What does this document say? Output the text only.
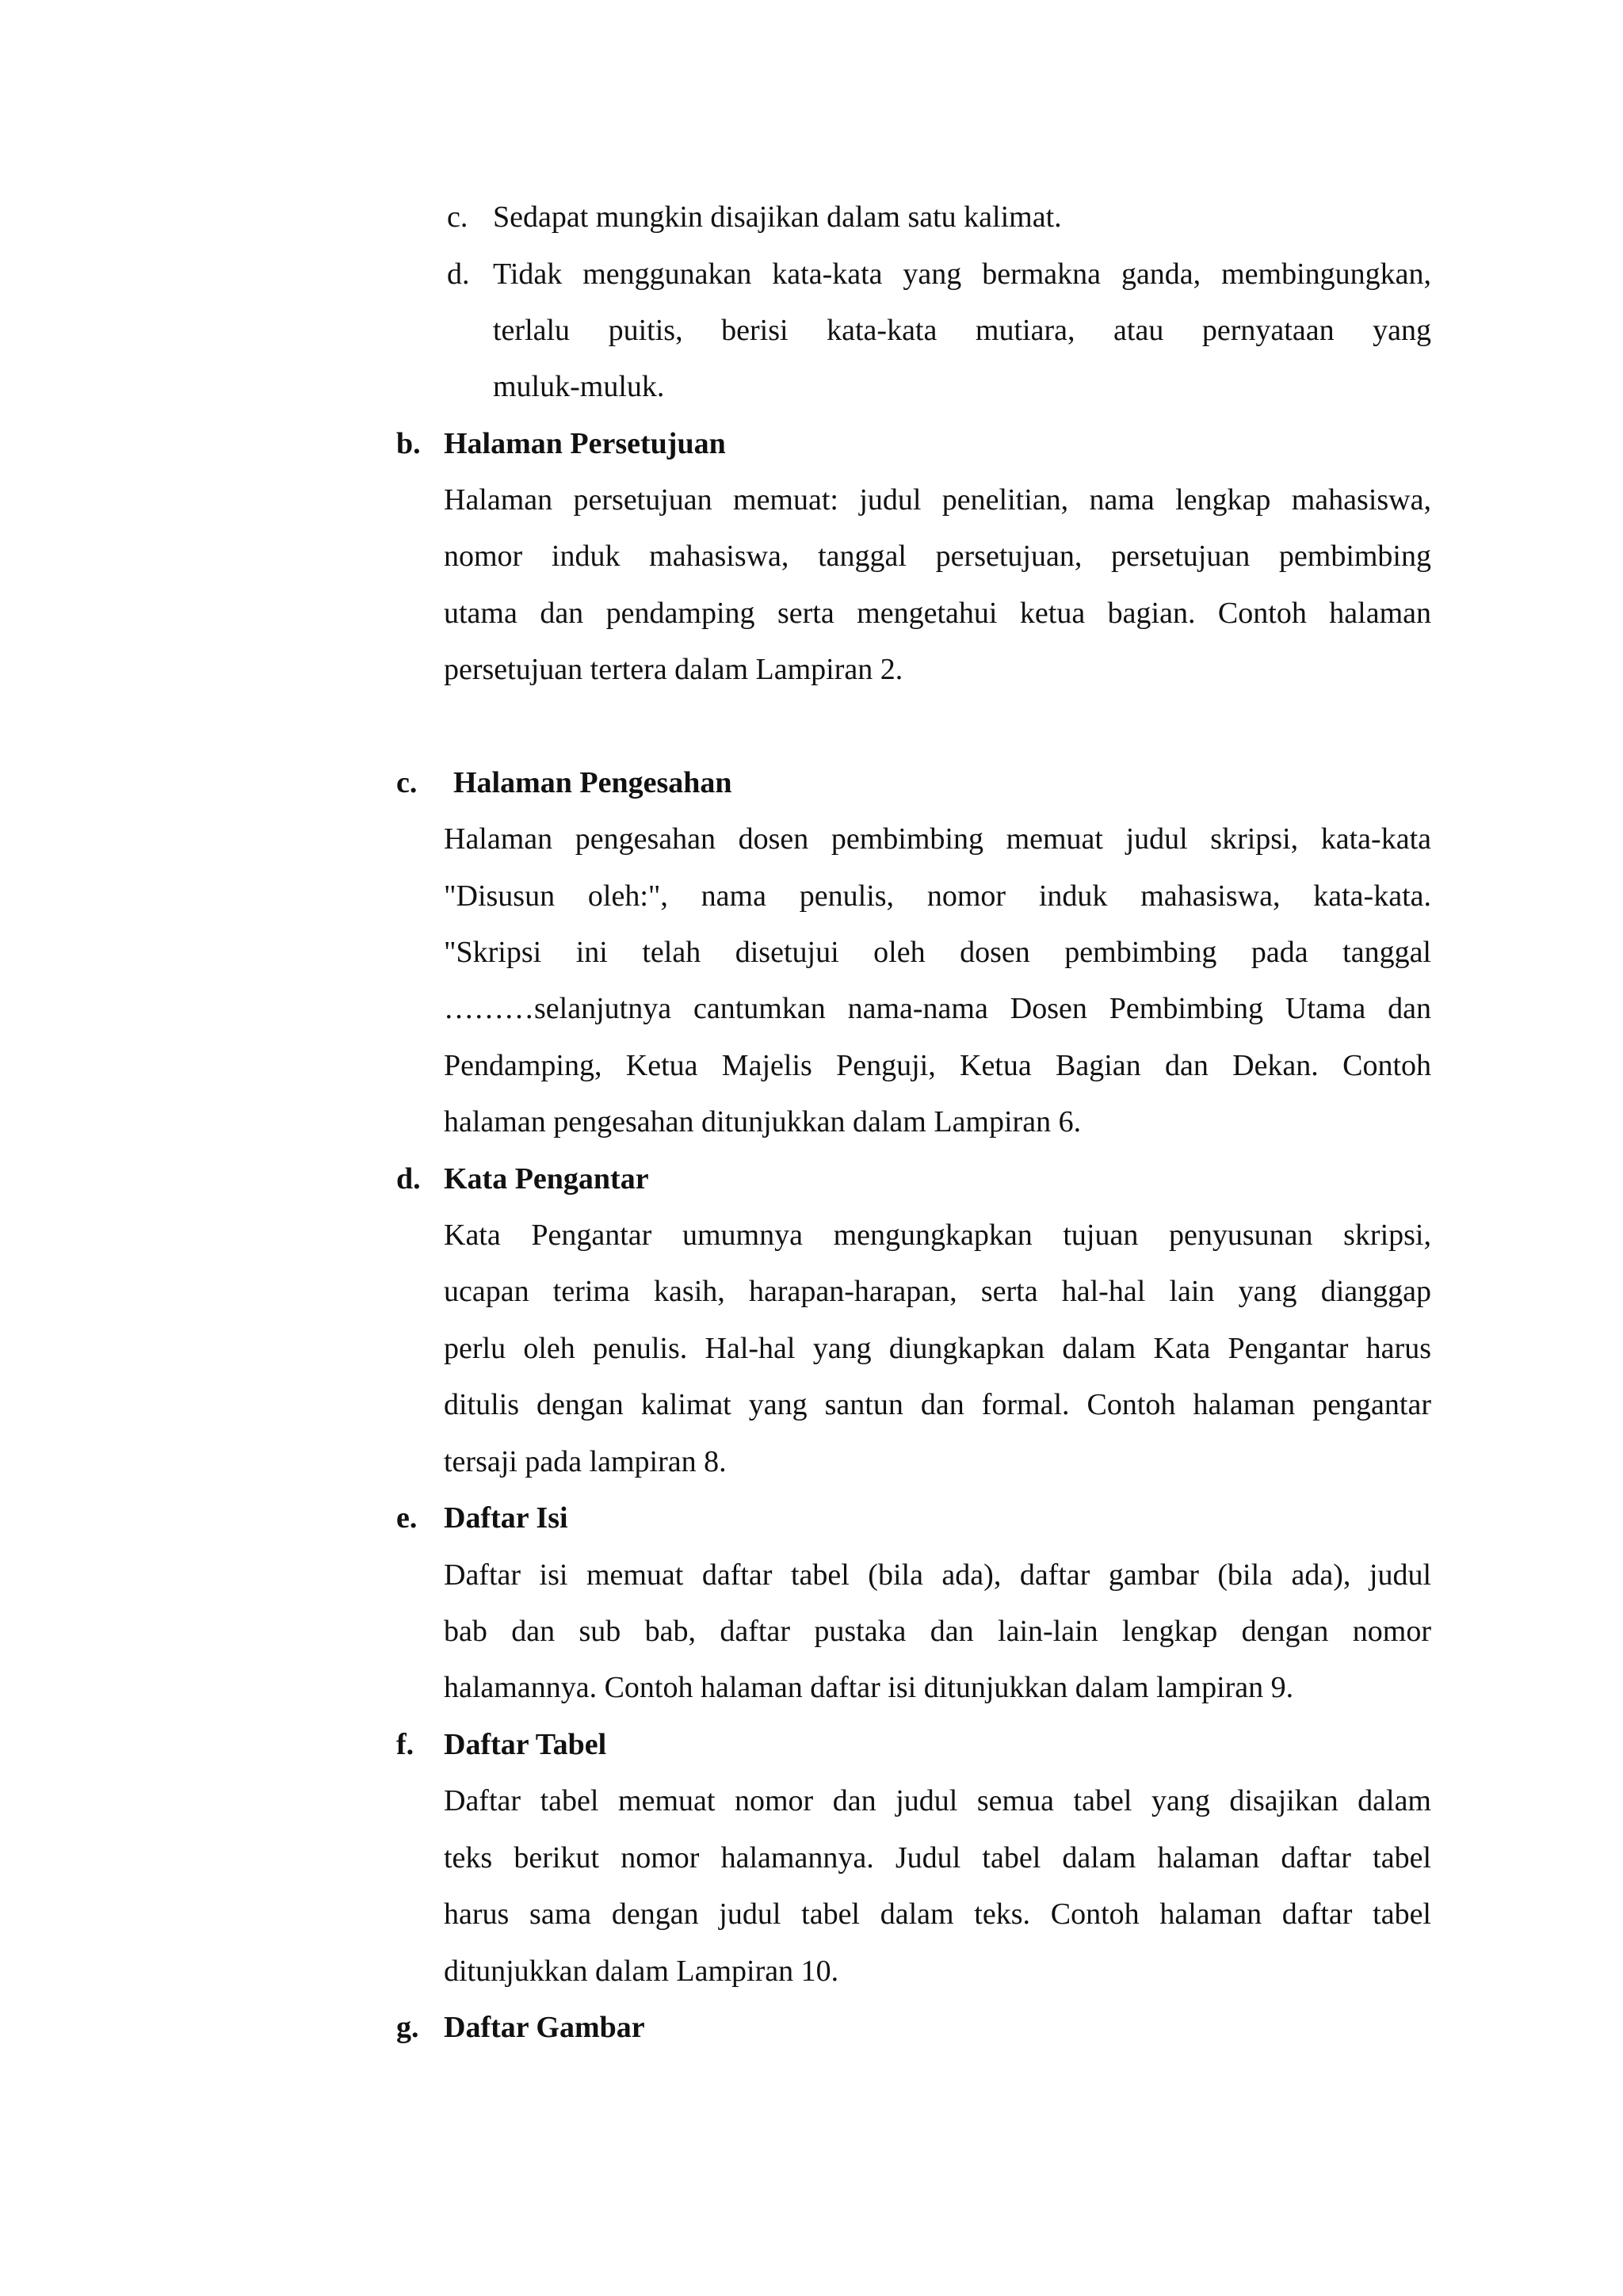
c. Sedapat mungkin disajikan dalam satu kalimat.
d. Tidak menggunakan kata-kata yang bermakna ganda, membingungkan,
terlalu puitis, berisi kata-kata mutiara, atau pernyataan yang
muluk-muluk.
b. Halaman Persetujuan
Halaman persetujuan memuat: judul penelitian, nama lengkap mahasiswa,
nomor induk mahasiswa, tanggal persetujuan, persetujuan pembimbing
utama dan pendamping serta mengetahui ketua bagian. Contoh halaman
persetujuan tertera dalam Lampiran 2.
c. Halaman Pengesahan
Halaman pengesahan dosen pembimbing memuat judul skripsi, kata-kata
"Disusun oleh:", nama penulis, nomor induk mahasiswa, kata-kata.
"Skripsi ini telah disetujui oleh dosen pembimbing pada tanggal
………selanjutnya cantumkan nama-nama Dosen Pembimbing Utama dan
Pendamping, Ketua Majelis Penguji, Ketua Bagian dan Dekan. Contoh
halaman pengesahan ditunjukkan dalam Lampiran 6.
d. Kata Pengantar
Kata Pengantar umumnya mengungkapkan tujuan penyusunan skripsi,
ucapan terima kasih, harapan-harapan, serta hal-hal lain yang dianggap
perlu oleh penulis. Hal-hal yang diungkapkan dalam Kata Pengantar harus
ditulis dengan kalimat yang santun dan formal. Contoh halaman pengantar
tersaji pada lampiran 8.
e. Daftar Isi
Daftar isi memuat daftar tabel (bila ada), daftar gambar (bila ada), judul
bab dan sub bab, daftar pustaka dan lain-lain lengkap dengan nomor
halamannya. Contoh halaman daftar isi ditunjukkan dalam lampiran 9.
f. Daftar Tabel
Daftar tabel memuat nomor dan judul semua tabel yang disajikan dalam
teks berikut nomor halamannya. Judul tabel dalam halaman daftar tabel
harus sama dengan judul tabel dalam teks. Contoh halaman daftar tabel
ditunjukkan dalam Lampiran 10.
g. Daftar Gambar
